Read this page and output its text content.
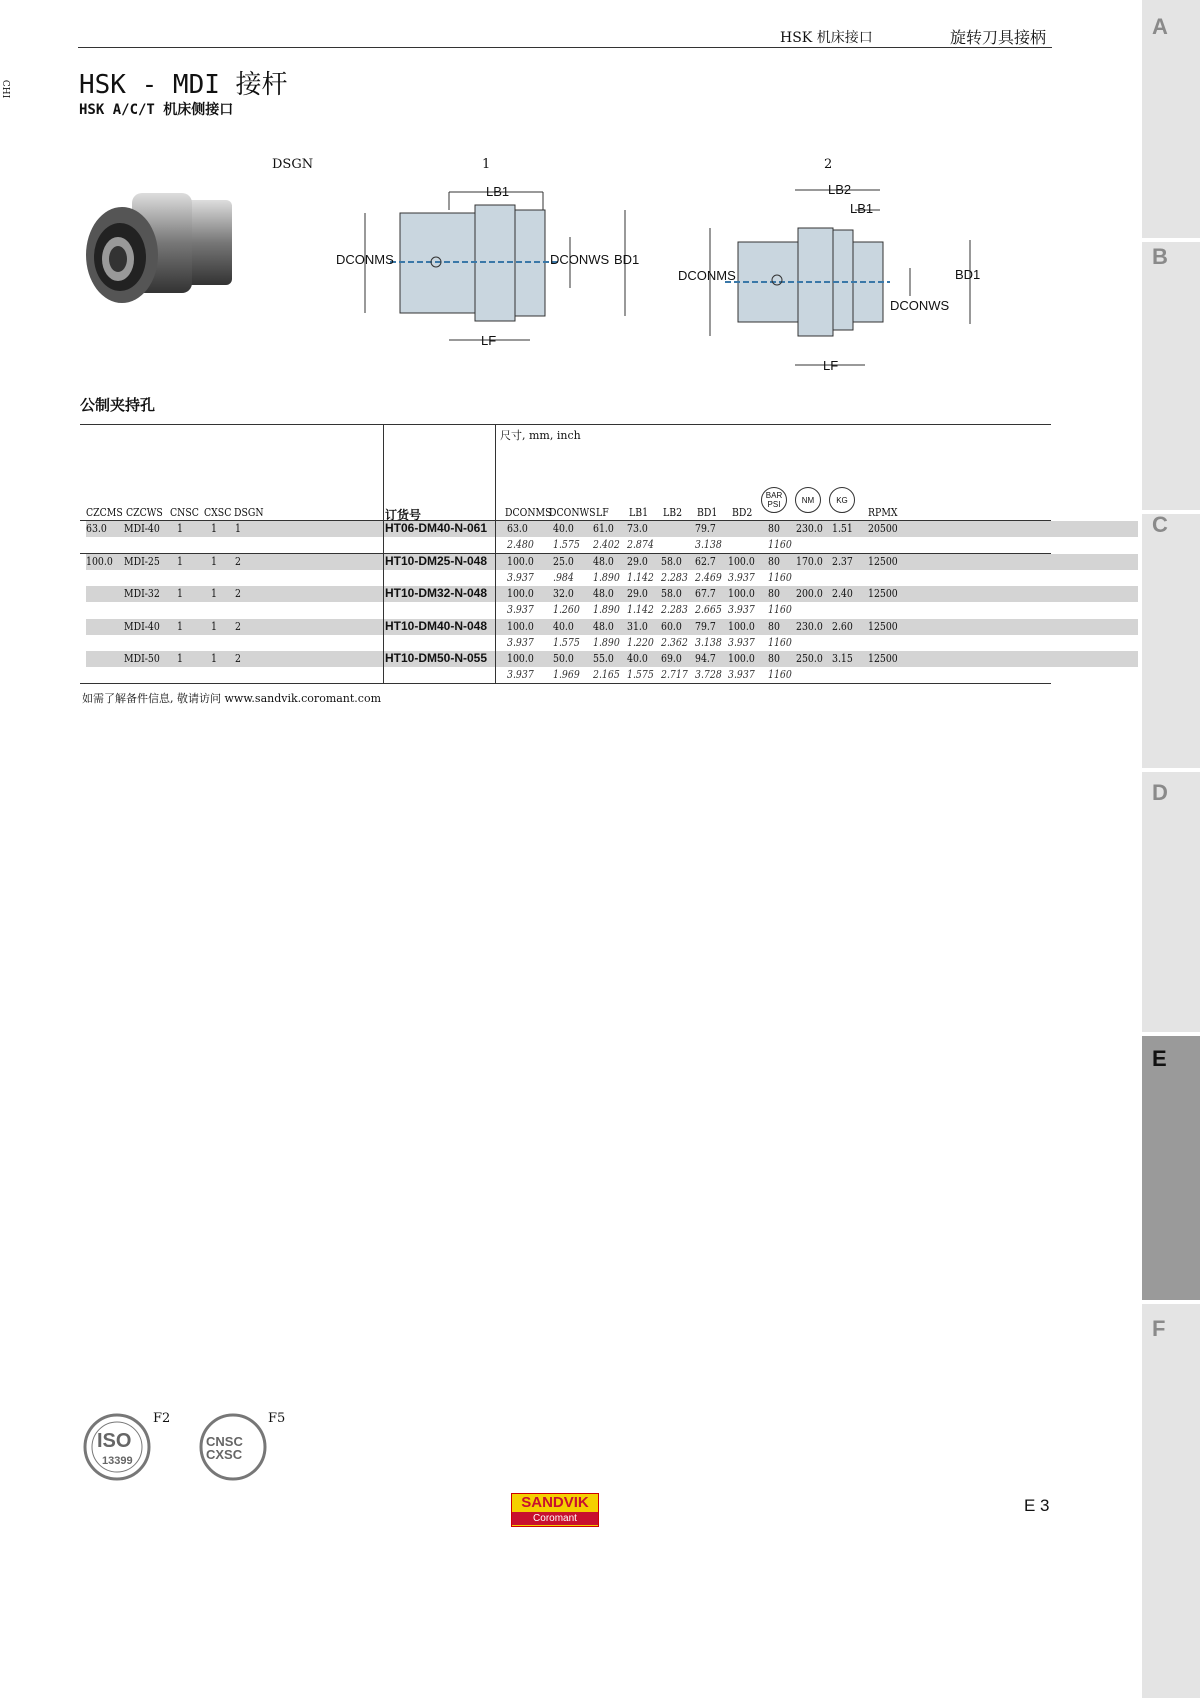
A
B
C
D
E
F
CHI
HSK 机床接口	旋转刀具接柄
HSK - MDI 接杆
HSK A/C/T 机床侧接口
DSGN	1	2
LB1
DCONMS	DCONWS BD1
LF
LB2
LB1
DCONMS	BD1
DCONWS
LF
公制夹持孔
尺寸, mm, inch
BAR PSI	NM	KG
CZCMS CZCWS CNSC CXSC DSGN	订货号	DCONMS
DCONWS LF LB1 LB2 BD1 BD2	RPMX
63.0 MDI-40 1	1 1	HT06-DM40-N-061 63.0 40.0 61.0 73.0	79.7	80 230.0 1.51 20500
2.480 1.575 2.402 2.874	3.138	1160
100.0 MDI-25 1	1 2	HT10-DM25-N-048 100.0 25.0 48.0 29.0 58.0 62.7 100.0 80 170.0 2.37 12500
3.937 .984 1.890 1.142 2.283 2.469 3.937 1160
MDI-32 1	1 2	HT10-DM32-N-048 100.0 32.0 48.0 29.0 58.0 67.7 100.0 80 200.0 2.40 12500
3.937 1.260 1.890 1.142 2.283 2.665 3.937 1160
MDI-40 1	1 2	HT10-DM40-N-048 100.0 40.0 48.0 31.0 60.0 79.7 100.0 80 230.0 2.60 12500
3.937 1.575 1.890 1.220 2.362 3.138 3.937 1160
MDI-50 1	1 2	HT10-DM50-N-055 100.0 50.0 55.0 40.0 69.0 94.7 100.0 80 250.0 3.15 12500
3.937 1.969 2.165 1.575 2.717 3.728 3.937 1160
如需了解备件信息, 敬请访问 www.sandvik.coromant.com
ISO
13399
F2
CNSC
CXSC
F5
SANDVIK
Coromant
E 3
